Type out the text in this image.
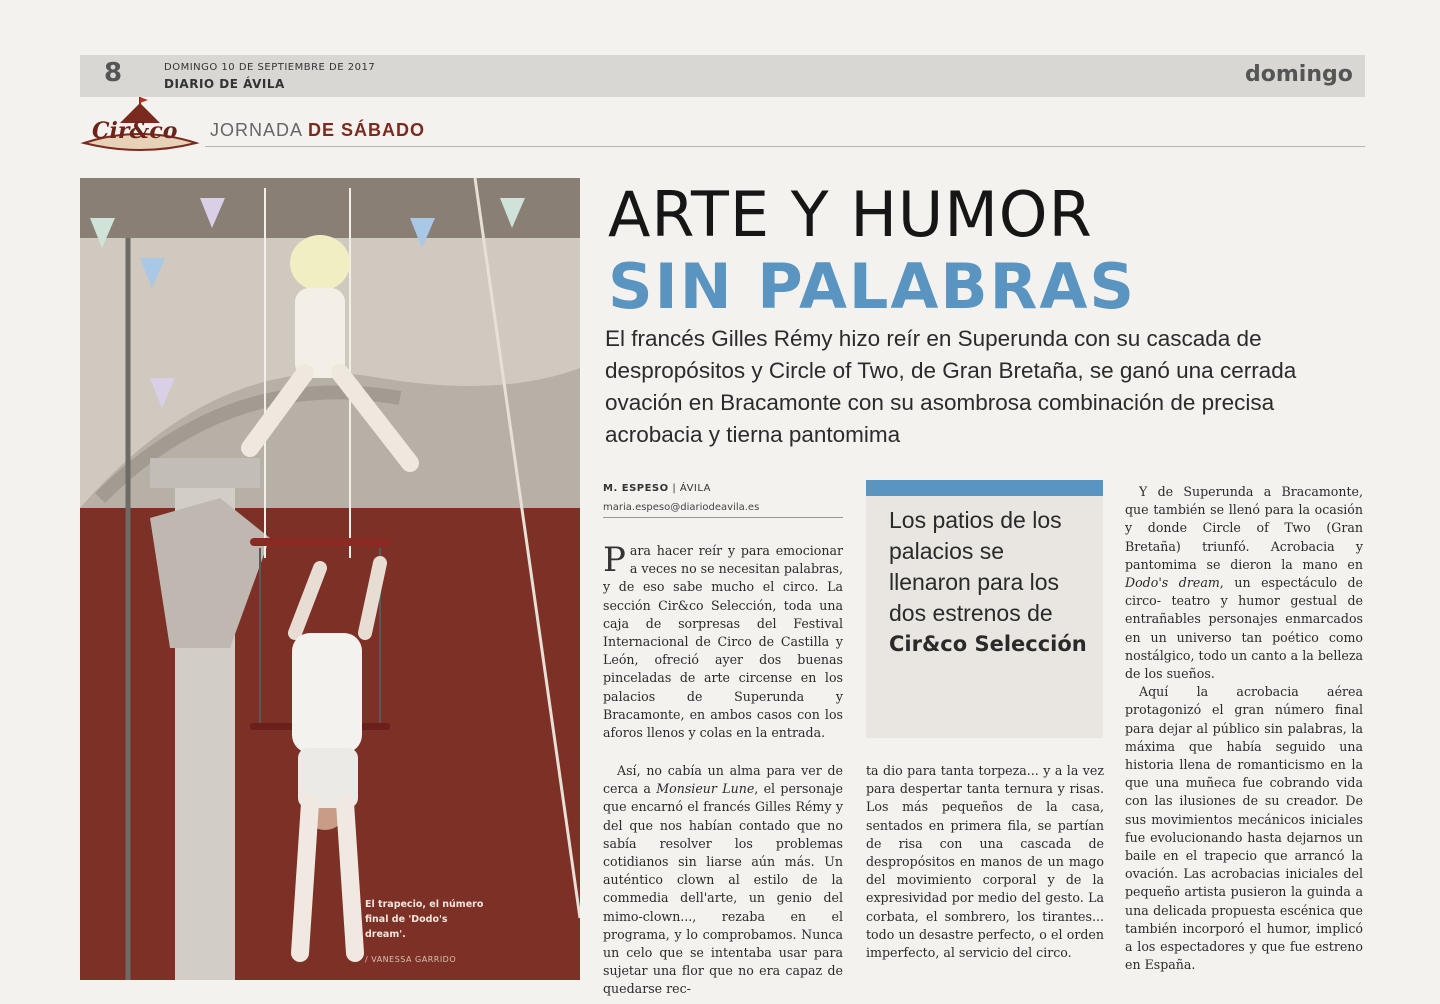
8	DOMINGO 10 DE SEPTIEMBRE DE 2017
DIARIO DE ÁVILA	domingo
Cir&co JORNADA DE SÁBADO
El trapecio, el número final de 'Dodo's dream'.
/ VANESSA GARRIDO
ARTE Y HUMOR
SIN PALABRAS
El francés Gilles Rémy hizo reír en Superunda con su cascada de despropósitos y Circle of Two, de Gran Bretaña, se ganó una cerrada ovación en Bracamonte con su asombrosa combinación de precisa acrobacia y tierna pantomima
M. ESPESO | ÁVILA
maria.espeso@diariodeavila.es	Los patios de los palacios se llenaron para los dos estrenos de
Cir&co Selección

Para hacer reír y para emocionar a veces no se necesitan palabras, y de eso sabe mucho el circo. La sección Cir&co Selección, toda una caja de sorpresas del Festival Internacional de Circo de Castilla y León, ofreció ayer dos buenas pinceladas de arte circense en los palacios de Superunda y Bracamonte, en ambos casos con los aforos llenos y colas en la entrada.

Así, no cabía un alma para ver de cerca a Monsieur Lune, el personaje que encarnó el francés Gilles Rémy y del que nos habían contado que no sabía resolver los problemas cotidianos sin liarse aún más. Un auténtico clown al estilo de la commedia dell'arte, un genio del mimo-clown..., rezaba en el programa, y lo comprobamos. Nunca un celo que se intentaba usar para sujetar una flor que no era capaz de quedarse rec-

ta dio para tanta torpeza... y a la vez para despertar tanta ternura y risas. Los más pequeños de la casa, sentados en primera fila, se partían de risa con una cascada de despropósitos en manos de un mago del movimiento corporal y de la expresividad por medio del gesto. La corbata, el sombrero, los tirantes... todo un desastre perfecto, o el orden imperfecto, al servicio del circo.

Y de Superunda a Bracamonte, que también se llenó para la ocasión y donde Circle of Two (Gran Bretaña) triunfó. Acrobacia y pantomima se dieron la mano en Dodo's dream, un espectáculo de circo- teatro y humor gestual de entrañables personajes enmarcados en un universo tan poético como nostálgico, todo un canto a la belleza de los sueños.

Aquí la acrobacia aérea protagonizó el gran número final para dejar al público sin palabras, la máxima que había seguido una historia llena de romanticismo en la que una muñeca fue cobrando vida con las ilusiones de su creador. De sus movimientos mecánicos iniciales fue evolucionando hasta dejarnos un baile en el trapecio que arrancó la ovación. Las acrobacias iniciales del pequeño artista pusieron la guinda a una delicada propuesta escénica que también incorporó el humor, implicó a los espectadores y que fue estreno en España.
